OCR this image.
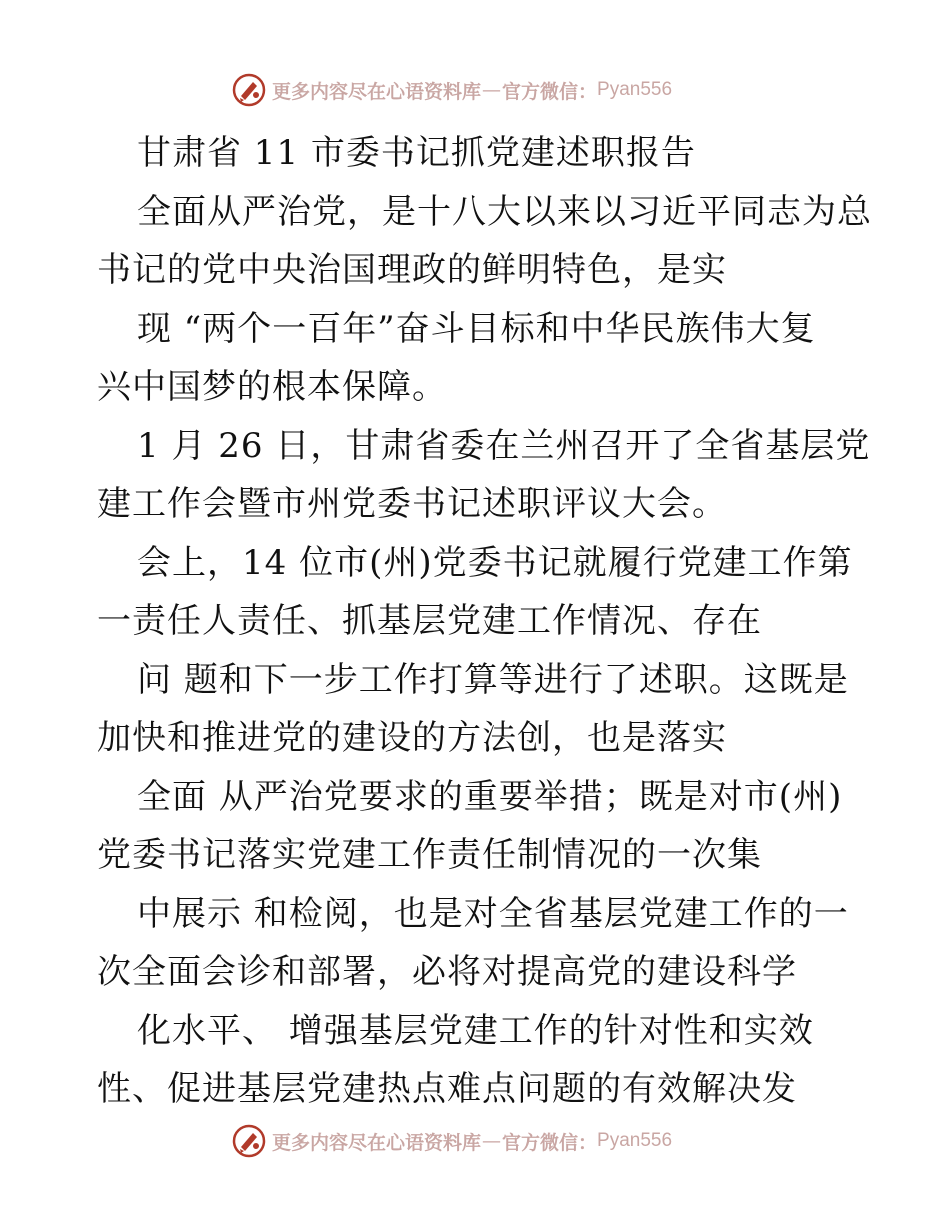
更多内容尽在心语资料库 — 官方微信： Pyan556
甘肃省 11 市委书记抓党建述职报告
全面从严治党，是十八大以来以习近平同志为总
书记的党中央治国理政的鲜明特色，是实
现 “两个一百年”奋斗目标和中华民族伟大复
兴中国梦的根本保障。
1 月 26 日，甘肃省委在兰州召开了全省基层党
建工作会暨市州党委书记述职评议大会。
会上，14 位市(州)党委书记就履行党建工作第
一责任人责任、抓基层党建工作情况、存在
问 题和下一步工作打算等进行了述职。这既是
加快和推进党的建设的方法创，也是落实
全面 从严治党要求的重要举措；既是对市(州)
党委书记落实党建工作责任制情况的一次集
中展示 和检阅，也是对全省基层党建工作的一
次全面会诊和部署，必将对提高党的建设科学
化水平、 增强基层党建工作的针对性和实效
性、促进基层党建热点难点问题的有效解决发
更多内容尽在心语资料库 — 官方微信： Pyan556
